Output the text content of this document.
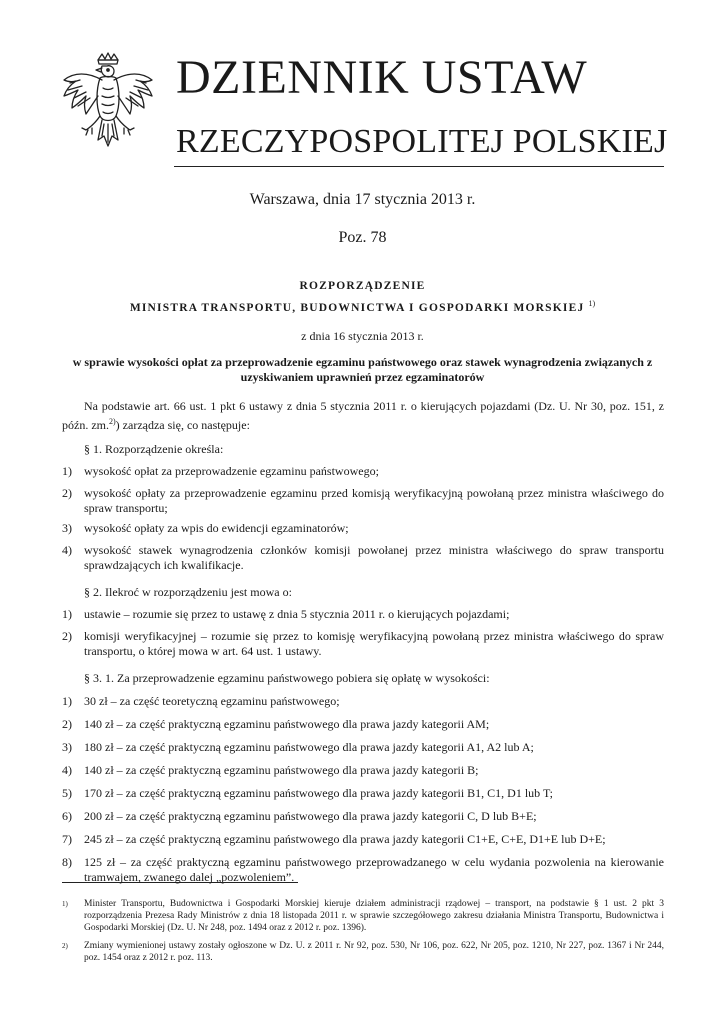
DZIENNIK USTAW
RZECZYPOSPOLITEJ POLSKIEJ
Warszawa, dnia 17 stycznia 2013 r.
Poz. 78
ROZPORZĄDZENIE
MINISTRA TRANSPORTU, BUDOWNICTWA I GOSPODARKI MORSKIEJ $^{1)}$
z dnia 16 stycznia 2013 r.
w sprawie wysokości opłat za przeprowadzenie egzaminu państwowego oraz stawek wynagrodzenia związanych z uzyskiwaniem uprawnień przez egzaminatorów
Na podstawie art. 66 ust. 1 pkt 6 ustawy z dnia 5 stycznia 2011 r. o kierujących pojazdami (Dz. U. Nr 30, poz. 151, z późn. zm.$^{2)}$) zarządza się, co następuje:
§ 1. Rozporządzenie określa:
1) wysokość opłat za przeprowadzenie egzaminu państwowego;
2) wysokość opłaty za przeprowadzenie egzaminu przed komisją weryfikacyjną powołaną przez ministra właściwego do spraw transportu;
3) wysokość opłaty za wpis do ewidencji egzaminatorów;
4) wysokość stawek wynagrodzenia członków komisji powołanej przez ministra właściwego do spraw transportu sprawdzających ich kwalifikacje.
§ 2. Ilekroć w rozporządzeniu jest mowa o:
1) ustawie – rozumie się przez to ustawę z dnia 5 stycznia 2011 r. o kierujących pojazdami;
2) komisji weryfikacyjnej – rozumie się przez to komisję weryfikacyjną powołaną przez ministra właściwego do spraw transportu, o której mowa w art. 64 ust. 1 ustawy.
§ 3. 1. Za przeprowadzenie egzaminu państwowego pobiera się opłatę w wysokości:
1) 30 zł – za część teoretyczną egzaminu państwowego;
2) 140 zł – za część praktyczną egzaminu państwowego dla prawa jazdy kategorii AM;
3) 180 zł – za część praktyczną egzaminu państwowego dla prawa jazdy kategorii A1, A2 lub A;
4) 140 zł – za część praktyczną egzaminu państwowego dla prawa jazdy kategorii B;
5) 170 zł – za część praktyczną egzaminu państwowego dla prawa jazdy kategorii B1, C1, D1 lub T;
6) 200 zł – za część praktyczną egzaminu państwowego dla prawa jazdy kategorii C, D lub B+E;
7) 245 zł – za część praktyczną egzaminu państwowego dla prawa jazdy kategorii C1+E, C+E, D1+E lub D+E;
8) 125 zł – za część praktyczną egzaminu państwowego przeprowadzanego w celu wydania pozwolenia na kierowanie tramwajem, zwanego dalej „pozwoleniem”.
1) Minister Transportu, Budownictwa i Gospodarki Morskiej kieruje działem administracji rządowej – transport, na podstawie § 1 ust. 2 pkt 3 rozporządzenia Prezesa Rady Ministrów z dnia 18 listopada 2011 r. w sprawie szczegółowego zakresu działania Ministra Transportu, Budownictwa i Gospodarki Morskiej (Dz. U. Nr 248, poz. 1494 oraz z 2012 r. poz. 1396).
2) Zmiany wymienionej ustawy zostały ogłoszone w Dz. U. z 2011 r. Nr 92, poz. 530, Nr 106, poz. 622, Nr 205, poz. 1210, Nr 227, poz. 1367 i Nr 244, poz. 1454 oraz z 2012 r. poz. 113.
